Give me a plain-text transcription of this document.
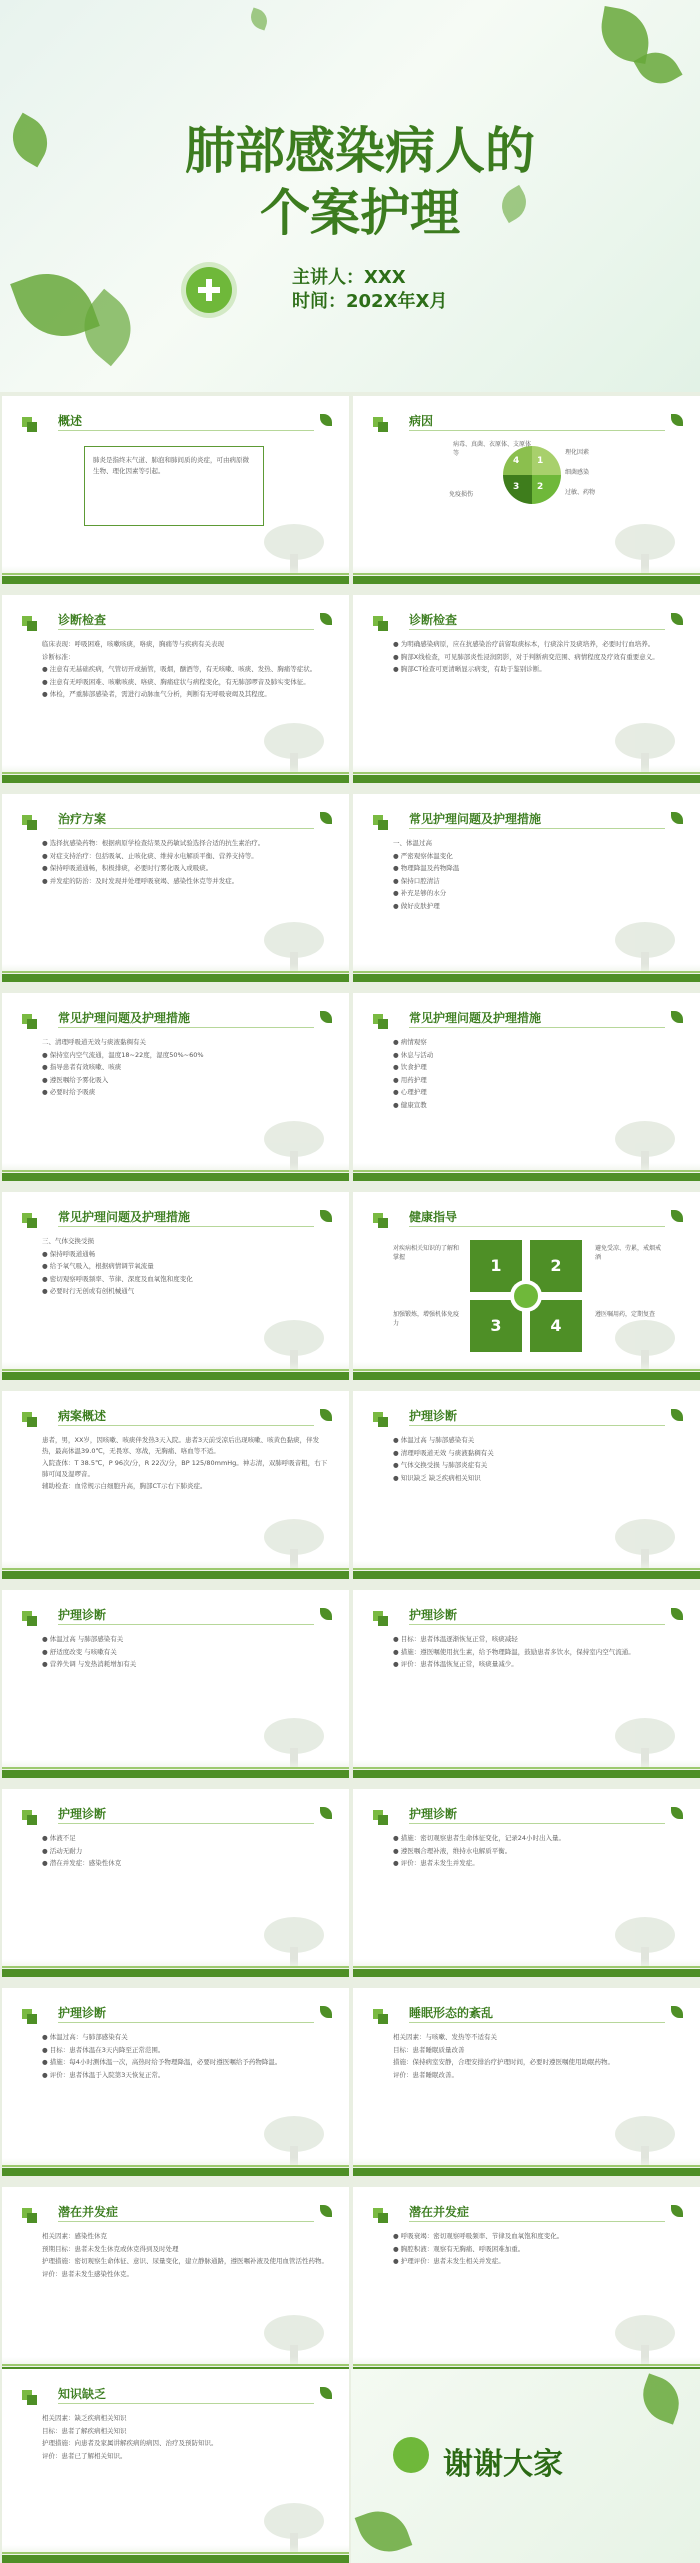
肺部感染病人的
个案护理
主讲人：XXX
时间：202X年X月
概述
肺炎是指终末气道、肺泡和肺间质的炎症，可由病原微生物、理化因素等引起。
病因
1
2
3
4
病毒、真菌、衣原体、支原体等	理化因素
过敏、药物
免疫损伤
细菌感染
诊断检查
临床表现：呼吸困难，咳嗽咳痰，咯痰，胸痛等与疾病有关表现
诊断标准：
● 注意有无基础疾病，气管切开或插管，吸烟，酗酒等，有无咳嗽、咳痰、发热、胸痛等症状。
● 注意有无呼吸困难、咳嗽咳痰、咯痰、胸痛症状与病程变化，有无肺部啰音及肺实变体征。
● 体检，严重肺部感染者，需进行动脉血气分析，判断有无呼吸衰竭及其程度。
诊断检查
● 为明确感染病原，应在抗感染治疗前留取痰标本，行痰涂片及痰培养，必要时行血培养。
● 胸部X线检查，可见肺部炎性浸润阴影，对于判断病变范围、病情程度及疗效有重要意义。
● 胸部CT检查可更清晰显示病变，有助于鉴别诊断。
治疗方案
● 选择抗感染药物：根据病原学检查结果及药敏试验选择合适的抗生素治疗。
● 对症支持治疗：包括吸氧、止咳化痰、维持水电解质平衡、营养支持等。
● 保持呼吸道通畅，积极排痰，必要时行雾化吸入或吸痰。
● 并发症的防治：及时发现并处理呼吸衰竭、感染性休克等并发症。
常见护理问题及护理措施
一、体温过高
● 严密观察体温变化
● 物理降温及药物降温
● 保持口腔清洁
● 补充足够的水分
● 做好皮肤护理
常见护理问题及护理措施
二、清理呼吸道无效与痰液黏稠有关
● 保持室内空气流通，温度18~22度，湿度50%~60%
● 指导患者有效咳嗽、咳痰
● 遵医嘱给予雾化吸入
● 必要时给予吸痰
常见护理问题及护理措施
● 病情观察
● 休息与活动
● 饮食护理
● 用药护理
● 心理护理
● 健康宣教
常见护理问题及护理措施
三、气体交换受损
● 保持呼吸道通畅
● 给予氧气吸入，根据病情调节氧流量
● 密切观察呼吸频率、节律、深度及血氧饱和度变化
● 必要时行无创或有创机械通气
健康指导
1	2
3	4
对疾病相关知识的了解和掌握
避免受凉、劳累，戒烟戒酒
加强锻炼，增强机体免疫力
遵医嘱用药，定期复查
病案概述
患者，男，XX岁，因咳嗽、咳痰伴发热3天入院。患者3天前受凉后出现咳嗽、咳黄色黏痰，伴发热，最高体温39.0℃，无畏寒、寒战，无胸痛、咯血等不适。
入院查体：T 38.5℃，P 96次/分，R 22次/分，BP 125/80mmHg。神志清，双肺呼吸音粗，右下肺可闻及湿啰音。
辅助检查：血常规示白细胞升高，胸部CT示右下肺炎症。
护理诊断
● 体温过高 与肺部感染有关
● 清理呼吸道无效 与痰液黏稠有关
● 气体交换受损 与肺部炎症有关
● 知识缺乏 缺乏疾病相关知识
护理诊断
● 体温过高 与肺部感染有关
● 舒适度改变 与咳嗽有关
● 营养失调 与发热消耗增加有关
护理诊断
● 目标：患者体温逐渐恢复正常，咳痰减轻
● 措施：遵医嘱使用抗生素，给予物理降温，鼓励患者多饮水，保持室内空气流通。
● 评价：患者体温恢复正常，咳痰量减少。
护理诊断
● 体液不足
● 活动无耐力
● 潜在并发症：感染性休克
护理诊断
● 措施：密切观察患者生命体征变化，记录24小时出入量。
● 遵医嘱合理补液，维持水电解质平衡。
● 评价：患者未发生并发症。
护理诊断
● 体温过高：与肺部感染有关
● 目标：患者体温在3天内降至正常范围。
● 措施：每4小时测体温一次，高热时给予物理降温，必要时遵医嘱给予药物降温。
● 评价：患者体温于入院第3天恢复正常。
睡眠形态的紊乱
相关因素：与咳嗽、发热等不适有关
目标：患者睡眠质量改善
措施：保持病室安静，合理安排治疗护理时间，必要时遵医嘱使用助眠药物。
评价：患者睡眠改善。
潜在并发症
相关因素：感染性休克
预期目标：患者未发生休克或休克得到及时处理
护理措施：密切观察生命体征、意识、尿量变化，建立静脉通路，遵医嘱补液及使用血管活性药物。
评价：患者未发生感染性休克。
潜在并发症
● 呼吸衰竭：密切观察呼吸频率、节律及血氧饱和度变化。
● 胸腔积液：观察有无胸痛、呼吸困难加重。
● 护理评价：患者未发生相关并发症。
知识缺乏
相关因素：缺乏疾病相关知识
目标：患者了解疾病相关知识
护理措施：向患者及家属讲解疾病的病因、治疗及预防知识。
评价：患者已了解相关知识。	谢谢大家
